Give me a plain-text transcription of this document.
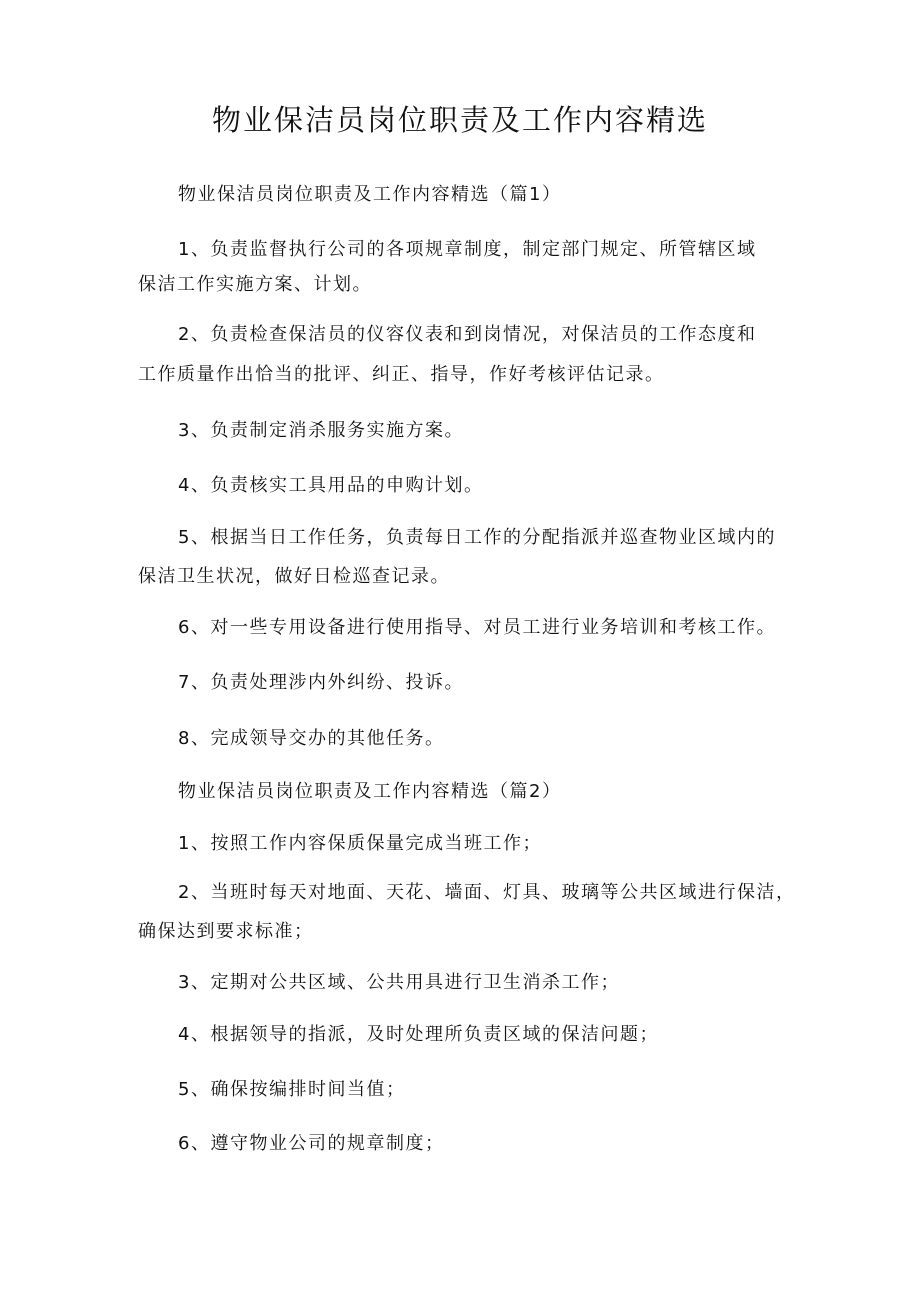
物业保洁员岗位职责及工作内容精选
物业保洁员岗位职责及工作内容精选（篇1）
1、负责监督执行公司的各项规章制度，制定部门规定、所管辖区域
保洁工作实施方案、计划。
2、负责检查保洁员的仪容仪表和到岗情况，对保洁员的工作态度和
工作质量作出恰当的批评、纠正、指导，作好考核评估记录。
3、负责制定消杀服务实施方案。
4、负责核实工具用品的申购计划。
5、根据当日工作任务，负责每日工作的分配指派并巡查物业区域内的
保洁卫生状况，做好日检巡查记录。
6、对一些专用设备进行使用指导、对员工进行业务培训和考核工作。
7、负责处理涉内外纠纷、投诉。
8、完成领导交办的其他任务。
物业保洁员岗位职责及工作内容精选（篇2）
1、按照工作内容保质保量完成当班工作；
2、当班时每天对地面、天花、墙面、灯具、玻璃等公共区域进行保洁，
确保达到要求标准；
3、定期对公共区域、公共用具进行卫生消杀工作；
4、根据领导的指派，及时处理所负责区域的保洁问题；
5、确保按编排时间当值；
6、遵守物业公司的规章制度；
